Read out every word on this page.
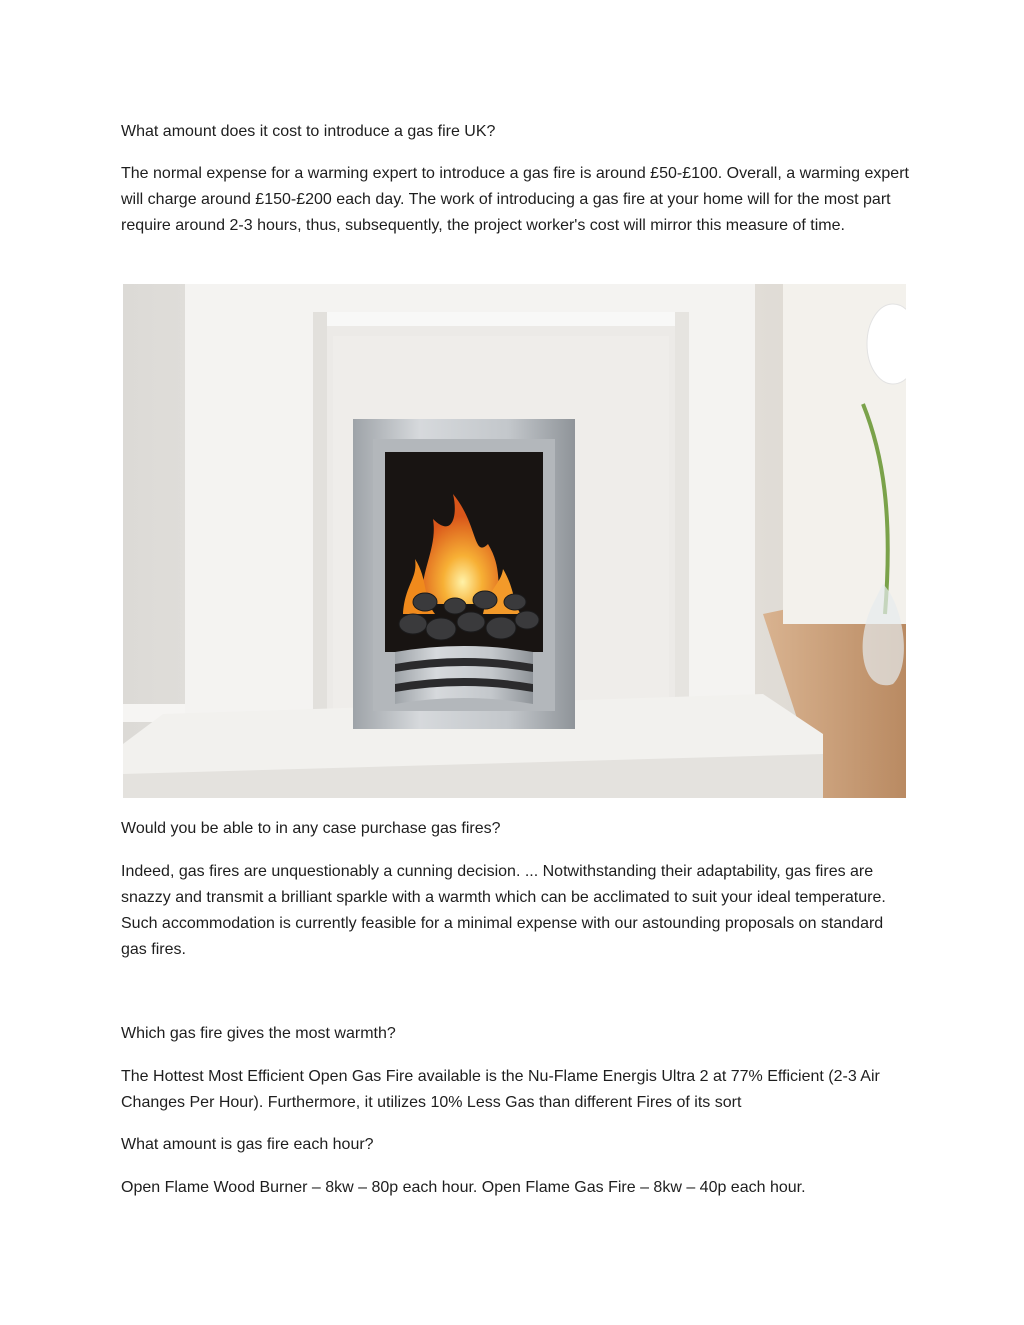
What amount does it cost to introduce a gas fire UK?

The normal expense for a warming expert to introduce a gas fire is around £50-£100. Overall, a warming expert will charge around £150-£200 each day. The work of introducing a gas fire at your home will for the most part require around 2-3 hours, thus, subsequently, the project worker's cost will mirror this measure of time.

Would you be able to in any case purchase gas fires?

Indeed, gas fires are unquestionably a cunning decision. ... Notwithstanding their adaptability, gas fires are snazzy and transmit a brilliant sparkle with a warmth which can be acclimated to suit your ideal temperature. Such accommodation is currently feasible for a minimal expense with our astounding proposals on standard gas fires.

Which gas fire gives the most warmth?

The Hottest Most Efficient Open Gas Fire available is the Nu-Flame Energis Ultra 2 at 77% Efficient (2-3 Air Changes Per Hour). Furthermore, it utilizes 10% Less Gas than different Fires of its sort

What amount is gas fire each hour?

Open Flame Wood Burner – 8kw – 80p each hour. Open Flame Gas Fire – 8kw – 40p each hour.
